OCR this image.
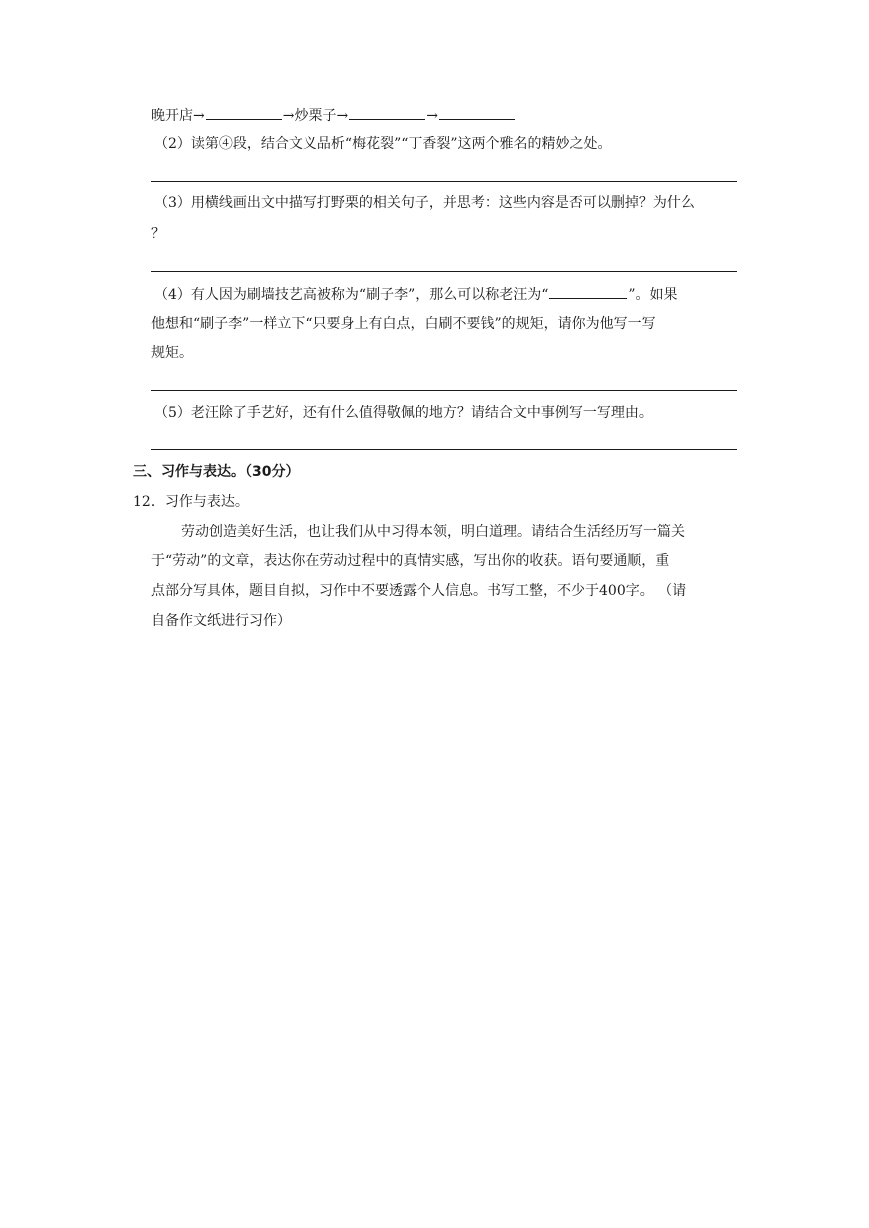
晚开店→	→炒栗子→	→
（2）读第④段，结合文义品析“梅花裂”“丁香裂”这两个雅名的精妙之处。
（3）用横线画出文中描写打野栗的相关句子，并思考：这些内容是否可以删掉？为什么
？
（4）有人因为刷墙技艺高被称为“刷子李”，那么可以称老汪为“	”。如果
他想和“刷子李”一样立下“只要身上有白点，白刷不要钱”的规矩，请你为他写一写
规矩。
（5）老汪除了手艺好，还有什么值得敬佩的地方？请结合文中事例写一写理由。
三、习作与表达。（30分）
12．习作与表达。
劳动创造美好生活，也让我们从中习得本领，明白道理。请结合生活经历写一篇关
于“劳动”的文章，表达你在劳动过程中的真情实感，写出你的收获。语句要通顺，重
点部分写具体，题目自拟，习作中不要透露个人信息。书写工整，不少于400字。 （请
自备作文纸进行习作）
